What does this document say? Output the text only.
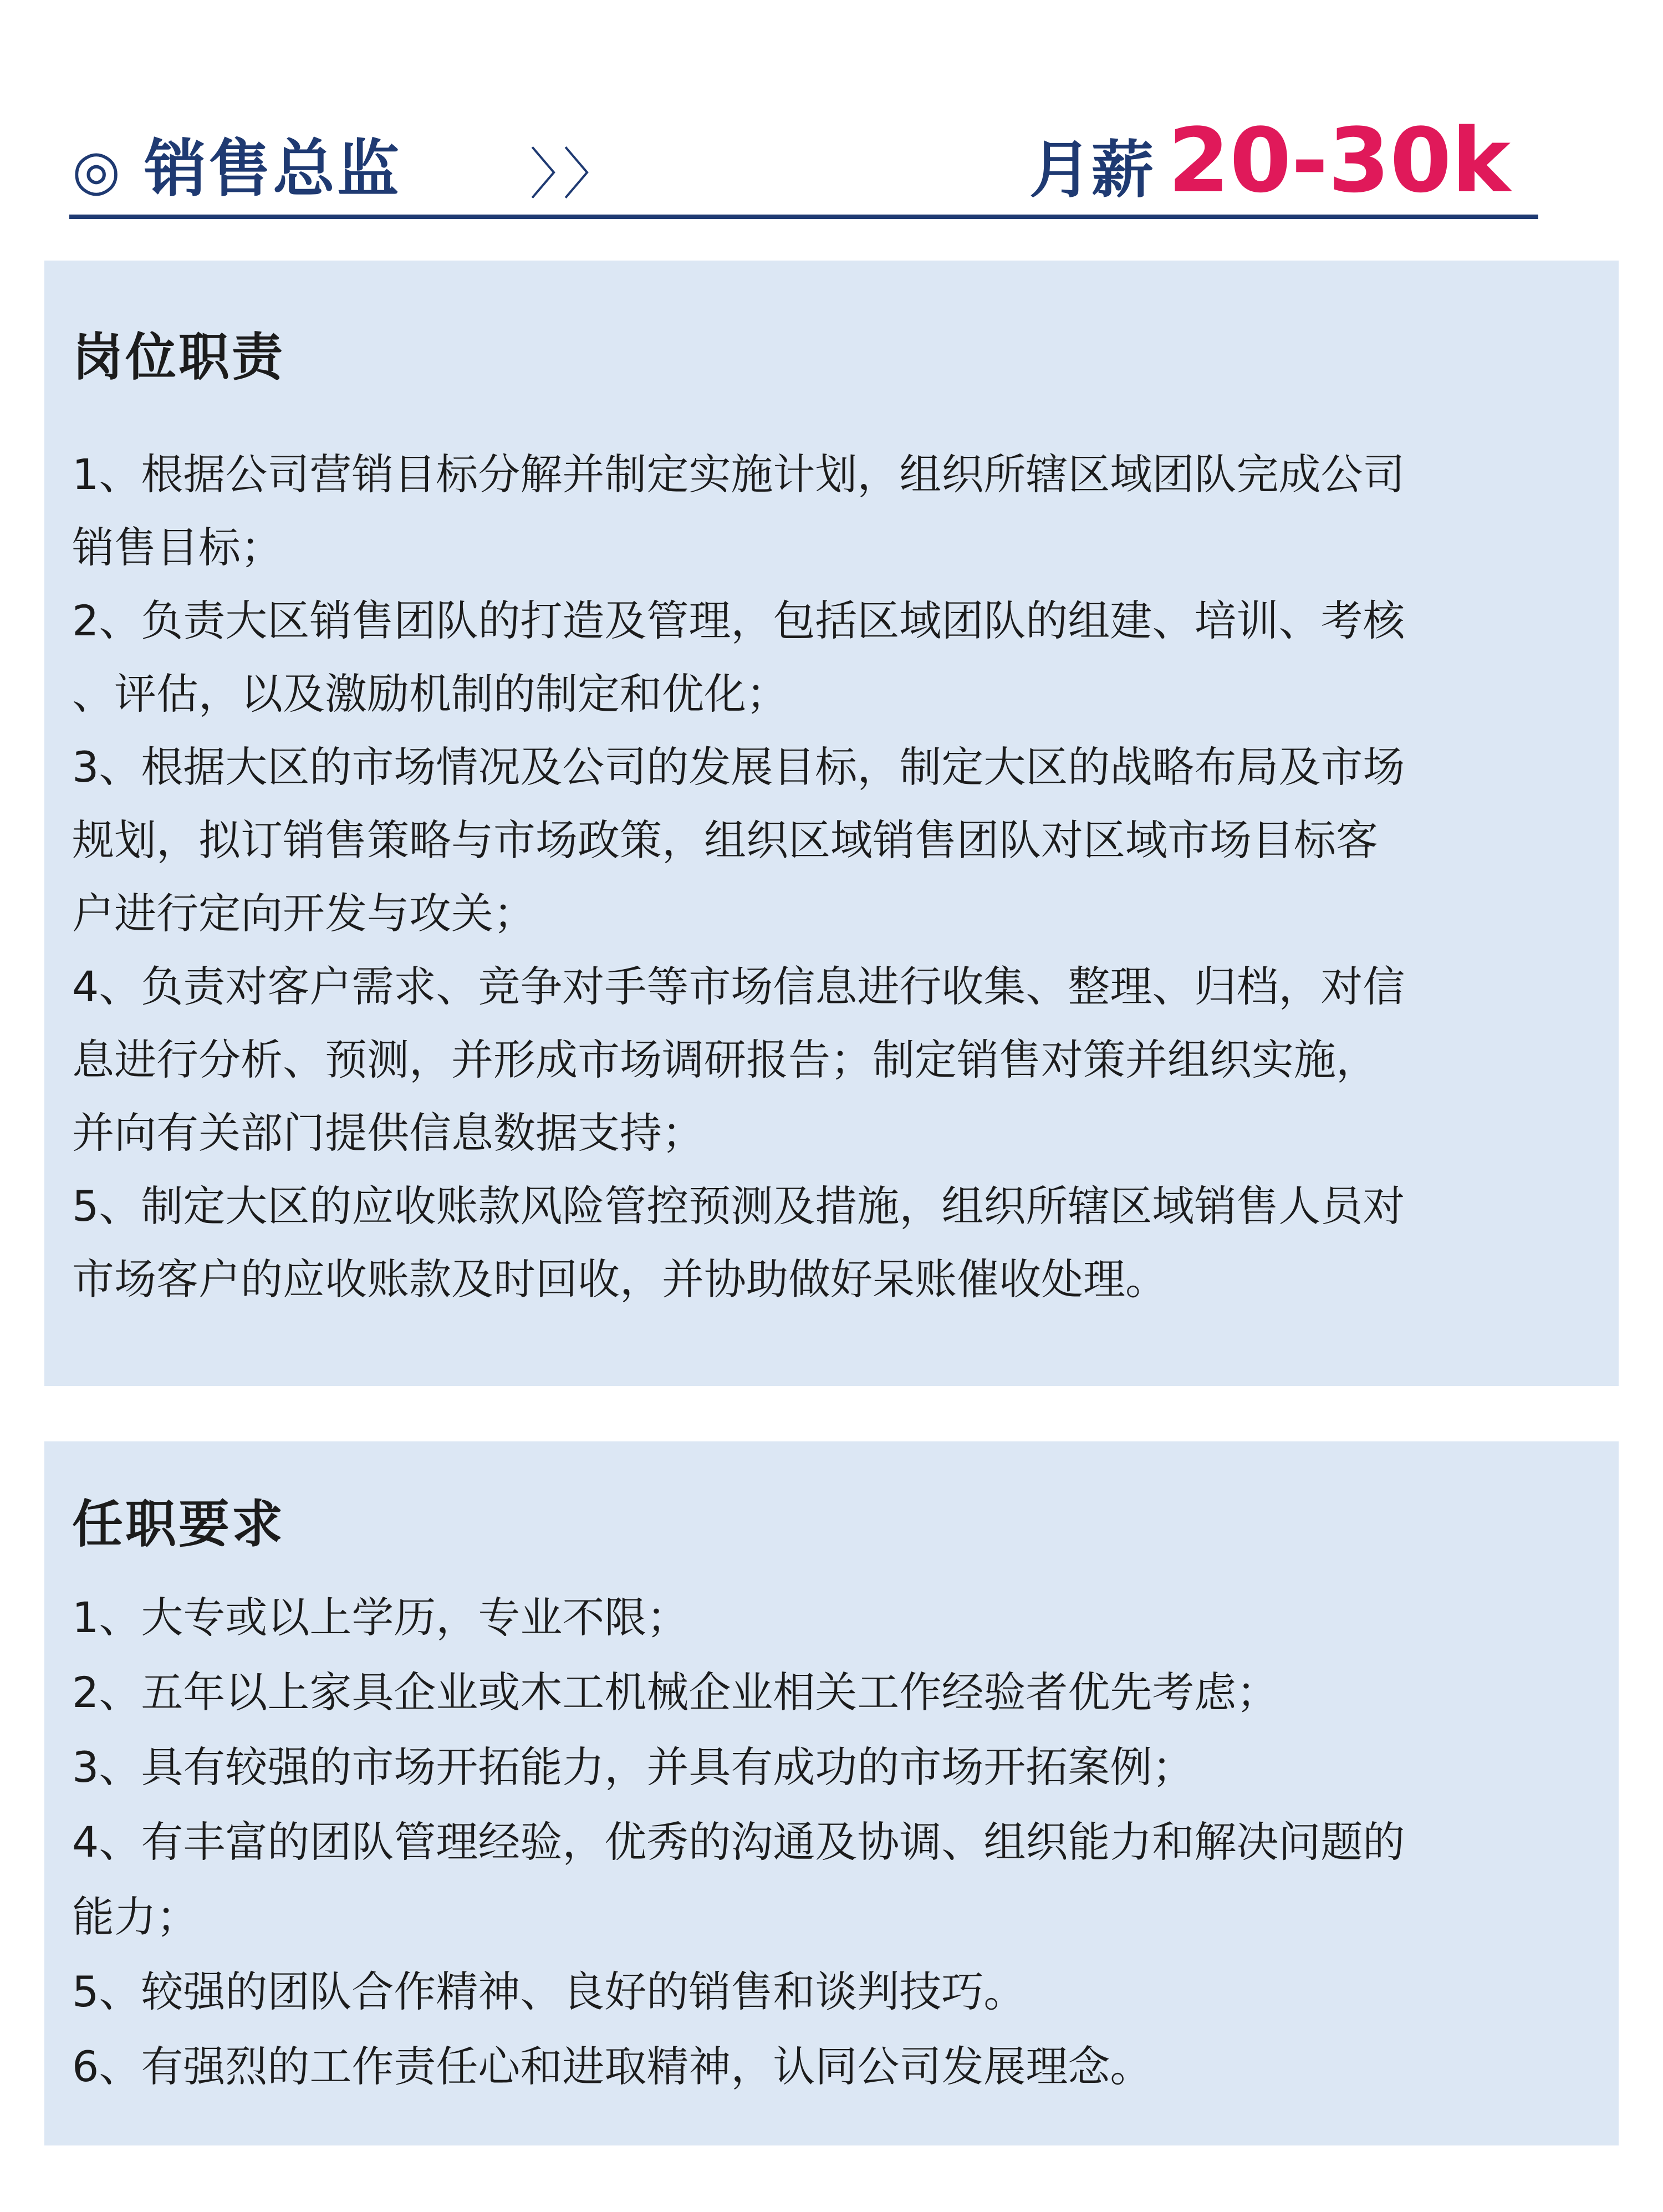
◎ 销售总监 〉〉	月薪 20-30k
岗位职责
1、根据公司营销目标分解并制定实施计划，组织所辖区域团队完成公司
销售目标；
2、负责大区销售团队的打造及管理，包括区域团队的组建、培训、考核
、评估，以及激励机制的制定和优化；
3、根据大区的市场情况及公司的发展目标，制定大区的战略布局及市场
规划，拟订销售策略与市场政策，组织区域销售团队对区域市场目标客
户进行定向开发与攻关；
4、负责对客户需求、竞争对手等市场信息进行收集、整理、归档，对信
息进行分析、预测，并形成市场调研报告；制定销售对策并组织实施，
并向有关部门提供信息数据支持；
5、制定大区的应收账款风险管控预测及措施，组织所辖区域销售人员对
市场客户的应收账款及时回收，并协助做好呆账催收处理。
任职要求
1、大专或以上学历，专业不限；
2、五年以上家具企业或木工机械企业相关工作经验者优先考虑；
3、具有较强的市场开拓能力，并具有成功的市场开拓案例；
4、有丰富的团队管理经验，优秀的沟通及协调、组织能力和解决问题的
能力；
5、较强的团队合作精神、良好的销售和谈判技巧。
6、有强烈的工作责任心和进取精神，认同公司发展理念。
